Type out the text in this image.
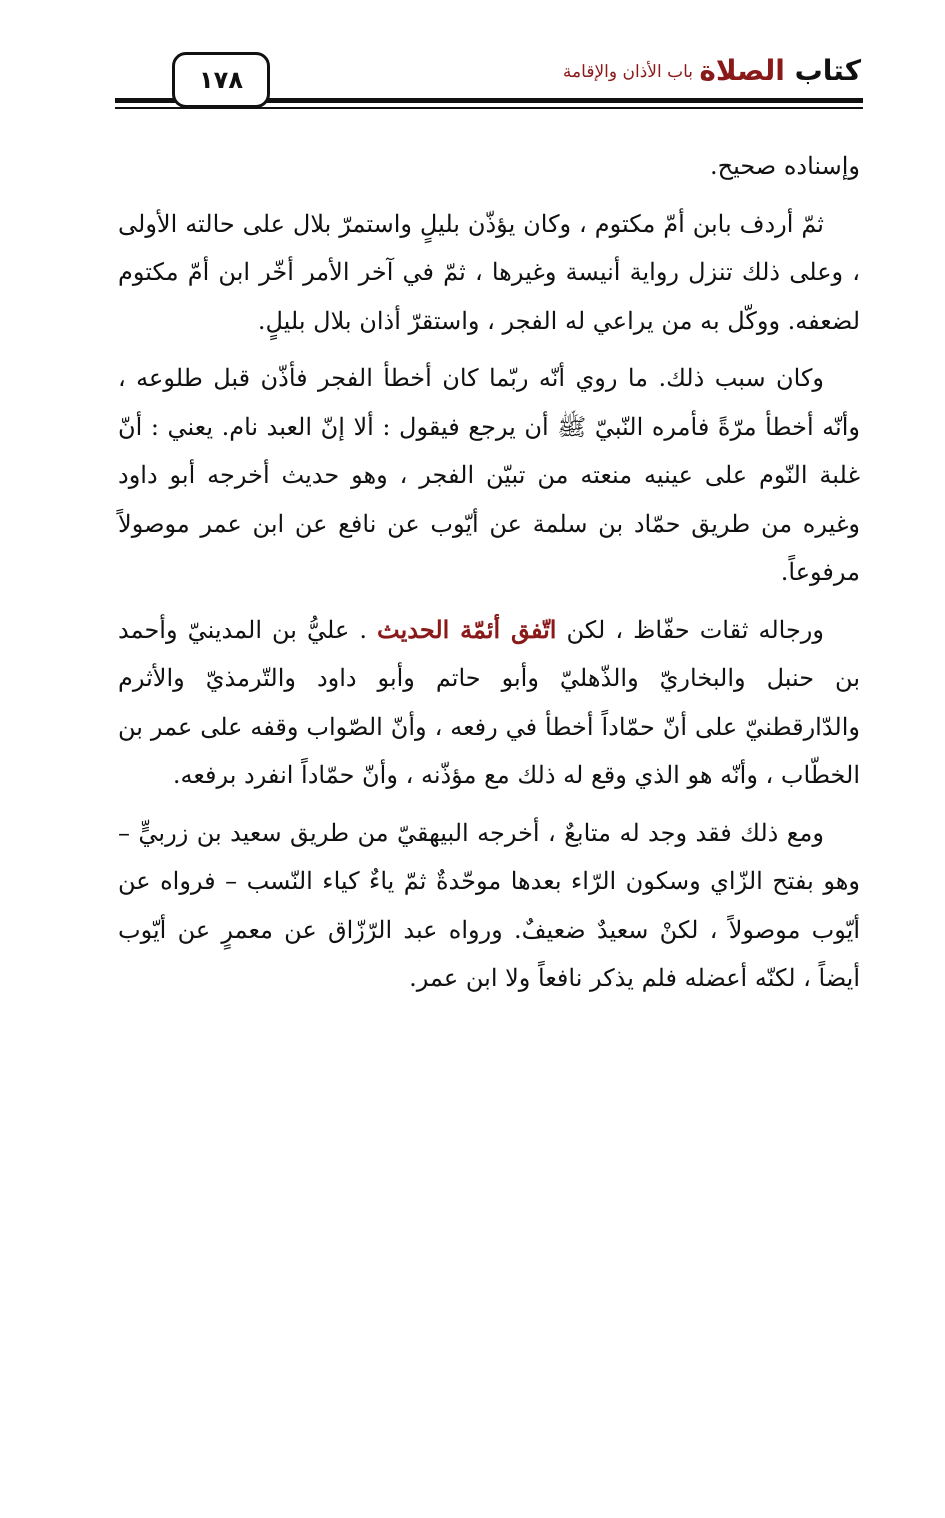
١٧٨	كتاب الصلاة
باب الأذان والإقامة

وإسناده صحيح.

ثمّ أردف بابن أمّ مكتوم ، وكان يؤذّن بليلٍ واستمرّ بلال على حالته الأولى ، وعلى ذلك تنزل رواية أنيسة وغيرها ، ثمّ في آخر الأمر أخّر ابن أمّ مكتوم لضعفه. ووكّل به من يراعي له الفجر ، واستقرّ أذان بلال بليلٍ.

وكان سبب ذلك. ما روي أنّه ربّما كان أخطأ الفجر فأذّن قبل طلوعه ، وأنّه أخطأ مرّةً فأمره النّبيّ ﷺ أن يرجع فيقول : ألا إنّ العبد نام. يعني : أنّ غلبة النّوم على عينيه منعته من تبيّن الفجر ، وهو حديث أخرجه أبو داود وغيره من طريق حمّاد بن سلمة عن أيّوب عن نافع عن ابن عمر موصولاً مرفوعاً.

ورجاله ثقات حفّاظ ، لكن اتّفق أئمّة الحديث . عليُّ بن المدينيّ وأحمد بن حنبل والبخاريّ والذّهليّ وأبو حاتم وأبو داود والتّرمذيّ والأثرم والدّارقطنيّ على أنّ حمّاداً أخطأ في رفعه ، وأنّ الصّواب وقفه على عمر بن الخطّاب ، وأنّه هو الذي وقع له ذلك مع مؤذّنه ، وأنّ حمّاداً انفرد برفعه.

ومع ذلك فقد وجد له متابعٌ ، أخرجه البيهقيّ من طريق سعيد بن زربيٍّ – وهو بفتح الزّاي وسكون الرّاء بعدها موحّدةٌ ثمّ ياءٌ كياء النّسب – فرواه عن أيّوب موصولاً ، لكنْ سعيدٌ ضعيفٌ. ورواه عبد الرّزّاق عن معمرٍ عن أيّوب أيضاً ، لكنّه أعضله فلم يذكر نافعاً ولا ابن عمر.
